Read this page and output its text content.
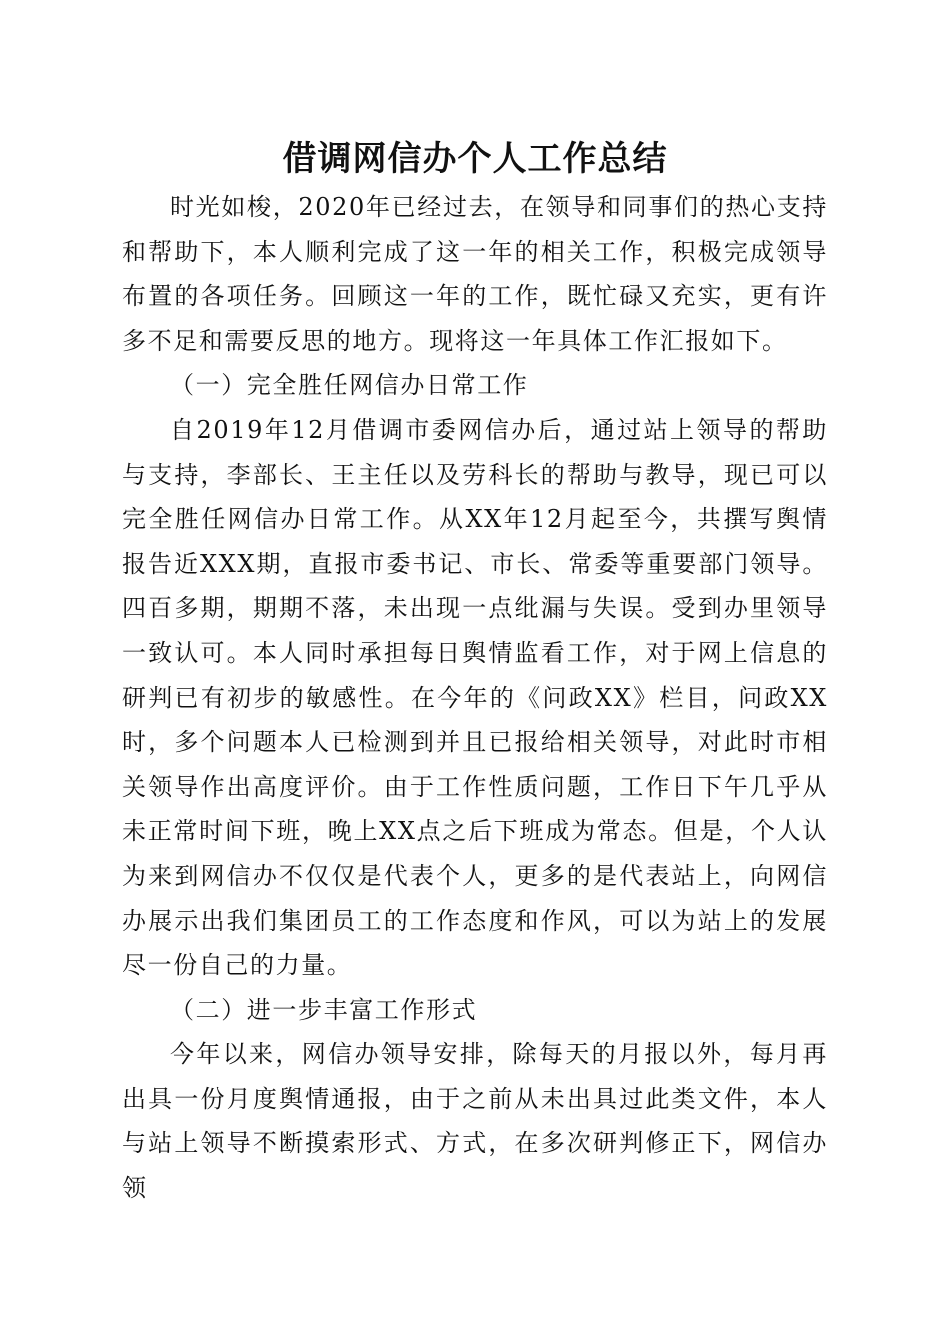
借调网信办个人工作总结

时光如梭，2020年已经过去，在领导和同事们的热心支持和帮助下，本人顺利完成了这一年的相关工作，积极完成领导布置的各项任务。回顾这一年的工作，既忙碌又充实，更有许多不足和需要反思的地方。现将这一年具体工作汇报如下。

（一）完全胜任网信办日常工作

自2019年12月借调市委网信办后，通过站上领导的帮助与支持，李部长、王主任以及劳科长的帮助与教导，现已可以完全胜任网信办日常工作。从XX年12月起至今，共撰写舆情报告近XXX期，直报市委书记、市长、常委等重要部门领导。四百多期，期期不落，未出现一点纰漏与失误。受到办里领导一致认可。本人同时承担每日舆情监看工作，对于网上信息的研判已有初步的敏感性。在今年的《问政XX》栏目，问政XX时，多个问题本人已检测到并且已报给相关领导，对此时市相关领导作出高度评价。由于工作性质问题，工作日下午几乎从未正常时间下班，晚上XX点之后下班成为常态。但是，个人认为来到网信办不仅仅是代表个人，更多的是代表站上，向网信办展示出我们集团员工的工作态度和作风，可以为站上的发展尽一份自己的力量。

（二）进一步丰富工作形式

今年以来，网信办领导安排，除每天的月报以外，每月再出具一份月度舆情通报，由于之前从未出具过此类文件，本人与站上领导不断摸索形式、方式，在多次研判修正下，网信办领
